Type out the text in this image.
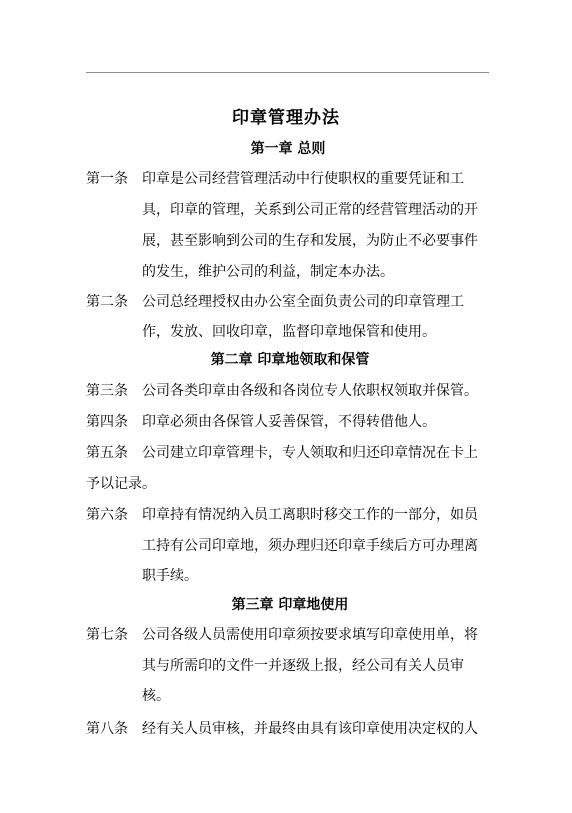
印章管理办法
第一章 总则
第一条 印章是公司经营管理活动中行使职权的重要凭证和工
具，印章的管理，关系到公司正常的经营管理活动的开
展，甚至影响到公司的生存和发展，为防止不必要事件
的发生，维护公司的利益，制定本办法。
第二条 公司总经理授权由办公室全面负责公司的印章管理工
作，发放、回收印章，监督印章地保管和使用。
第二章 印章地领取和保管
第三条 公司各类印章由各级和各岗位专人依职权领取并保管。
第四条 印章必须由各保管人妥善保管，不得转借他人。
第五条 公司建立印章管理卡，专人领取和归还印章情况在卡上
予以记录。
第六条 印章持有情况纳入员工离职时移交工作的一部分，如员
工持有公司印章地，须办理归还印章手续后方可办理离
职手续。
第三章 印章地使用
第七条 公司各级人员需使用印章须按要求填写印章使用单，将
其与所需印的文件一并逐级上报，经公司有关人员审
核。
第八条 经有关人员审核，并最终由具有该印章使用决定权的人
